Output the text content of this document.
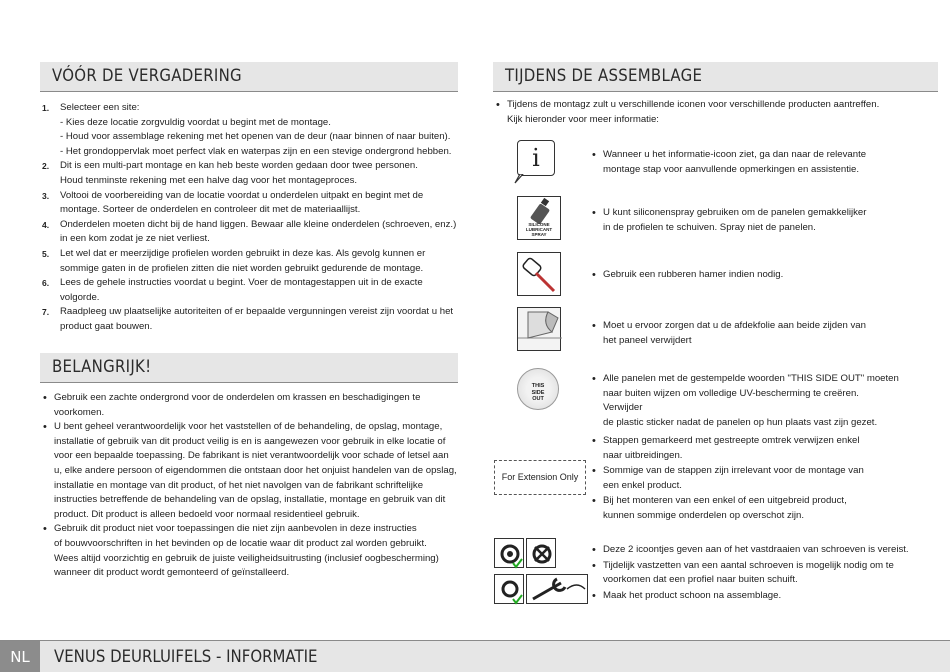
VÓÓR DE VERGADERING
1. Selecteer een site:
- Kies deze locatie zorgvuldig voordat u begint met de montage.
- Houd voor assemblage rekening met het openen van de deur (naar binnen of naar buiten).
- Het grondoppervlak moet perfect vlak en waterpas zijn en een stevige ondergrond hebben.
2. Dit is een multi-part montage en kan heb beste worden gedaan door twee personen.
Houd tenminste rekening met een halve dag voor het montageproces.
3. Voltooi de voorbereiding van de locatie voordat u onderdelen uitpakt en begint met de
montage. Sorteer de onderdelen en controleer dit met de materiaallijst.
4. Onderdelen moeten dicht bij de hand liggen. Bewaar alle kleine onderdelen (schroeven, enz.)
in een kom zodat je ze niet verliest.
5. Let wel dat er meerzijdige profielen worden gebruikt in deze kas. Als gevolg kunnen er
sommige gaten in de profielen zitten die niet worden gebruikt gedurende de montage.
6. Lees de gehele instructies voordat u begint. Voer de montagestappen uit in de exacte volgorde.
7. Raadpleeg uw plaatselijke autoriteiten of er bepaalde vergunningen vereist zijn voordat u het
product gaat bouwen.
BELANGRIJK!
• Gebruik een zachte ondergrond voor de onderdelen om krassen en beschadigingen te
voorkomen.
• U bent geheel verantwoordelijk voor het vaststellen of de behandeling, de opslag, montage,
installatie of gebruik van dit product veilig is en is aangewezen voor gebruik in elke locatie of
voor een bepaalde toepassing. De fabrikant is niet verantwoordelijk voor schade of letsel aan
u, elke andere persoon of eigendommen die ontstaan door het onjuist handelen van de opslag,
installatie en montage van dit product, of het niet navolgen van de fabrikant schriftelijke
instructies betreffende de behandeling van de opslag, installatie, montage en gebruik van dit
product. Dit product is alleen bedoeld voor normaal residentieel gebruik.
• Gebruik dit product niet voor toepassingen die niet zijn aanbevolen in deze instructies
of bouwvoorschriften in het bevinden op de locatie waar dit product zal worden gebruikt.
Wees altijd voorzichtig en gebruik de juiste veiligheidsuitrusting (inclusief oogbescherming)
wanneer dit product wordt gemonteerd of geïnstalleerd.
TIJDENS DE ASSEMBLAGE
• Tijdens de montagz zult u verschillende iconen voor verschillende producten aantreffen.
Kijk hieronder voor meer informatie:
i
•	Wanneer u het informatie-icoon ziet, ga dan naar de relevante
montage stap voor aanvullende opmerkingen en assistentie.
SILICONE LUBRICANT SPRAY
• U kunt siliconenspray gebruiken om de panelen gemakkelijker
in de profielen te schuiven. Spray niet de panelen.
• Gebruik een rubberen hamer indien nodig.
• Moet u ervoor zorgen dat u de afdekfolie aan beide zijden van
het paneel verwijdert
THIS SIDE OUT
• Alle panelen met de gestempelde woorden "THIS SIDE OUT" moeten
naar buiten wijzen om volledige UV-bescherming te creëren. Verwijder
de plastic sticker nadat de panelen op hun plaats vast zijn gezet.
For Extension Only
• Stappen gemarkeerd met gestreepte omtrek verwijzen enkel
naar uitbreidingen.
• Sommige van de stappen zijn irrelevant voor de montage van
een enkel product.
• Bij het monteren van een enkel of een uitgebreid product,
kunnen sommige onderdelen op overschot zijn.
• Deze 2 icoontjes geven aan of het vastdraaien van schroeven is vereist.
• Tijdelijk vastzetten van een aantal schroeven is mogelijk nodig om te
voorkomen dat een profiel naar buiten schuift.
• Maak het product schoon na assemblage.
NL	VENUS DEURLUIFELS - INFORMATIE
